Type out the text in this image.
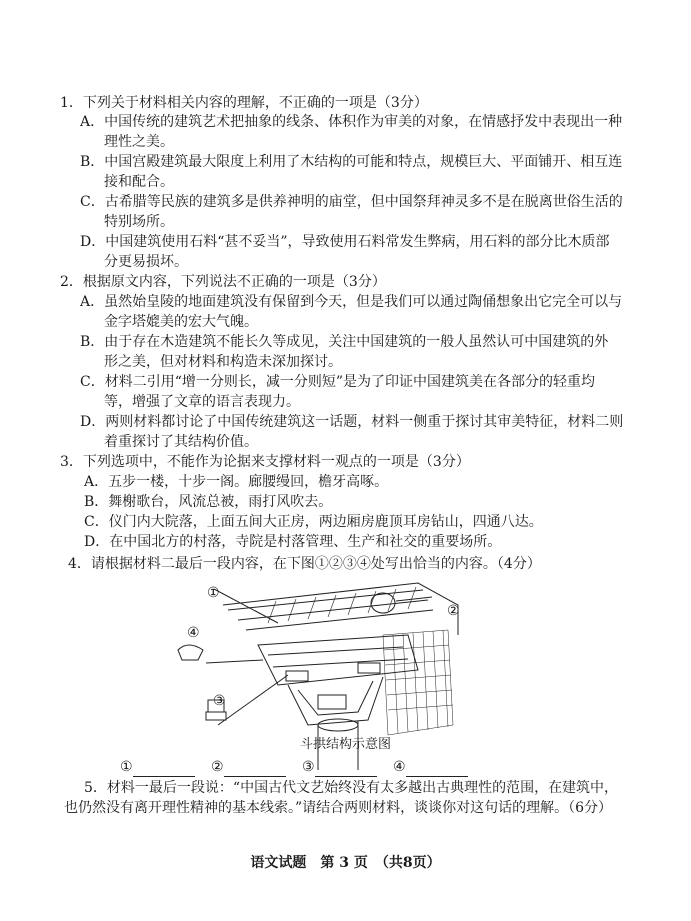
1．下列关于材料相关内容的理解，不正确的一项是（3分）
A．中国传统的建筑艺术把抽象的线条、体积作为审美的对象，在情感抒发中表现出一种
理性之美。
B．中国宫殿建筑最大限度上利用了木结构的可能和特点，规模巨大、平面铺开、相互连
接和配合。
C．古希腊等民族的建筑多是供养神明的庙堂，但中国祭拜神灵多不是在脱离世俗生活的
特别场所。
D．中国建筑使用石料“甚不妥当”，导致使用石料常发生弊病，用石料的部分比木质部
分更易损坏。
2．根据原文内容，下列说法不正确的一项是（3分）
A．虽然始皇陵的地面建筑没有保留到今天，但是我们可以通过陶俑想象出它完全可以与
金字塔媲美的宏大气魄。
B．由于存在木造建筑不能长久等成见，关注中国建筑的一般人虽然认可中国建筑的外
形之美，但对材料和构造未深加探讨。
C．材料二引用“增一分则长，减一分则短”是为了印证中国建筑美在各部分的轻重均
等，增强了文章的语言表现力。
D．两则材料都讨论了中国传统建筑这一话题，材料一侧重于探讨其审美特征，材料二则
着重探讨了其结构价值。
3．下列选项中，不能作为论据来支撑材料一观点的一项是（3分）
A．五步一楼，十步一阁。廊腰缦回，檐牙高啄。
B．舞榭歌台，风流总被，雨打风吹去。
C．仪门内大院落，上面五间大正房，两边厢房鹿顶耳房钻山，四通八达。
D．在中国北方的村落，寺院是村落管理、生产和社交的重要场所。
4．请根据材料二最后一段内容，在下图①②③④处写出恰当的内容。（4分）
①
②
③
④
斗拱结构示意图
①	②	③	④
5．材料一最后一段说：“中国古代文艺始终没有太多越出古典理性的范围，在建筑中，
也仍然没有离开理性精神的基本线索。”请结合两则材料，谈谈你对这句话的理解。（6分）
语文试题　第 3 页　（共8页）
